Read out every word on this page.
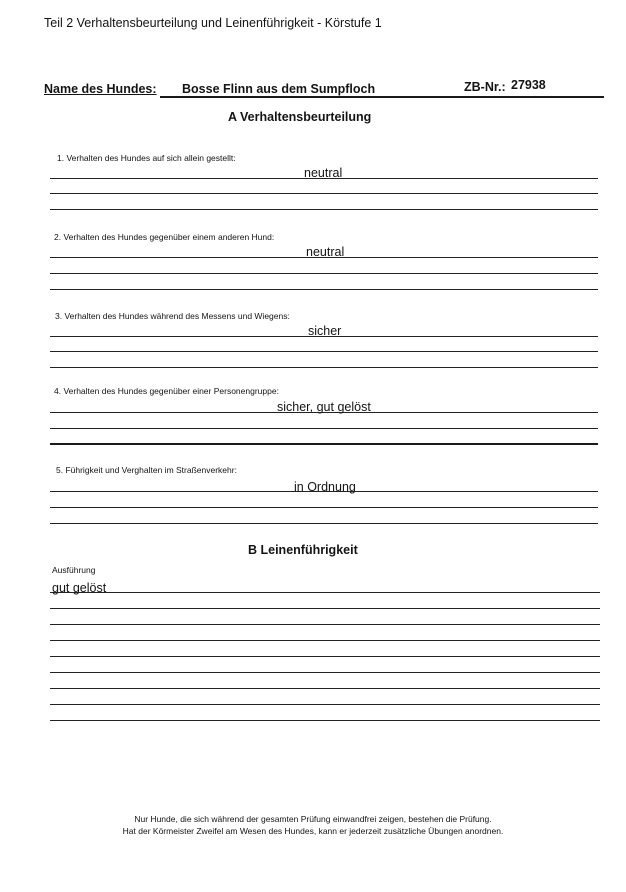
Teil 2 Verhaltensbeurteilung und Leinenführigkeit - Körstufe 1
Name des Hundes: Bosse Flinn aus dem Sumpfloch	ZB-Nr.: 27938
A Verhaltensbeurteilung
1. Verhalten des Hundes auf sich allein gestellt:
neutral
2. Verhalten des Hundes gegenüber einem anderen Hund:
neutral
3. Verhalten des Hundes während des Messens und Wiegens:
sicher
4. Verhalten des Hundes gegenüber einer Personengruppe:
sicher, gut gelöst
5. Führigkeit und Verghalten im Straßenverkehr:
in Ordnung
B Leinenführigkeit
Ausführung
gut gelöst
Nur Hunde, die sich während der gesamten Prüfung einwandfrei zeigen, bestehen die Prüfung.
Hat der Körmeister Zweifel am Wesen des Hundes, kann er jederzeit zusätzliche Übungen anordnen.
